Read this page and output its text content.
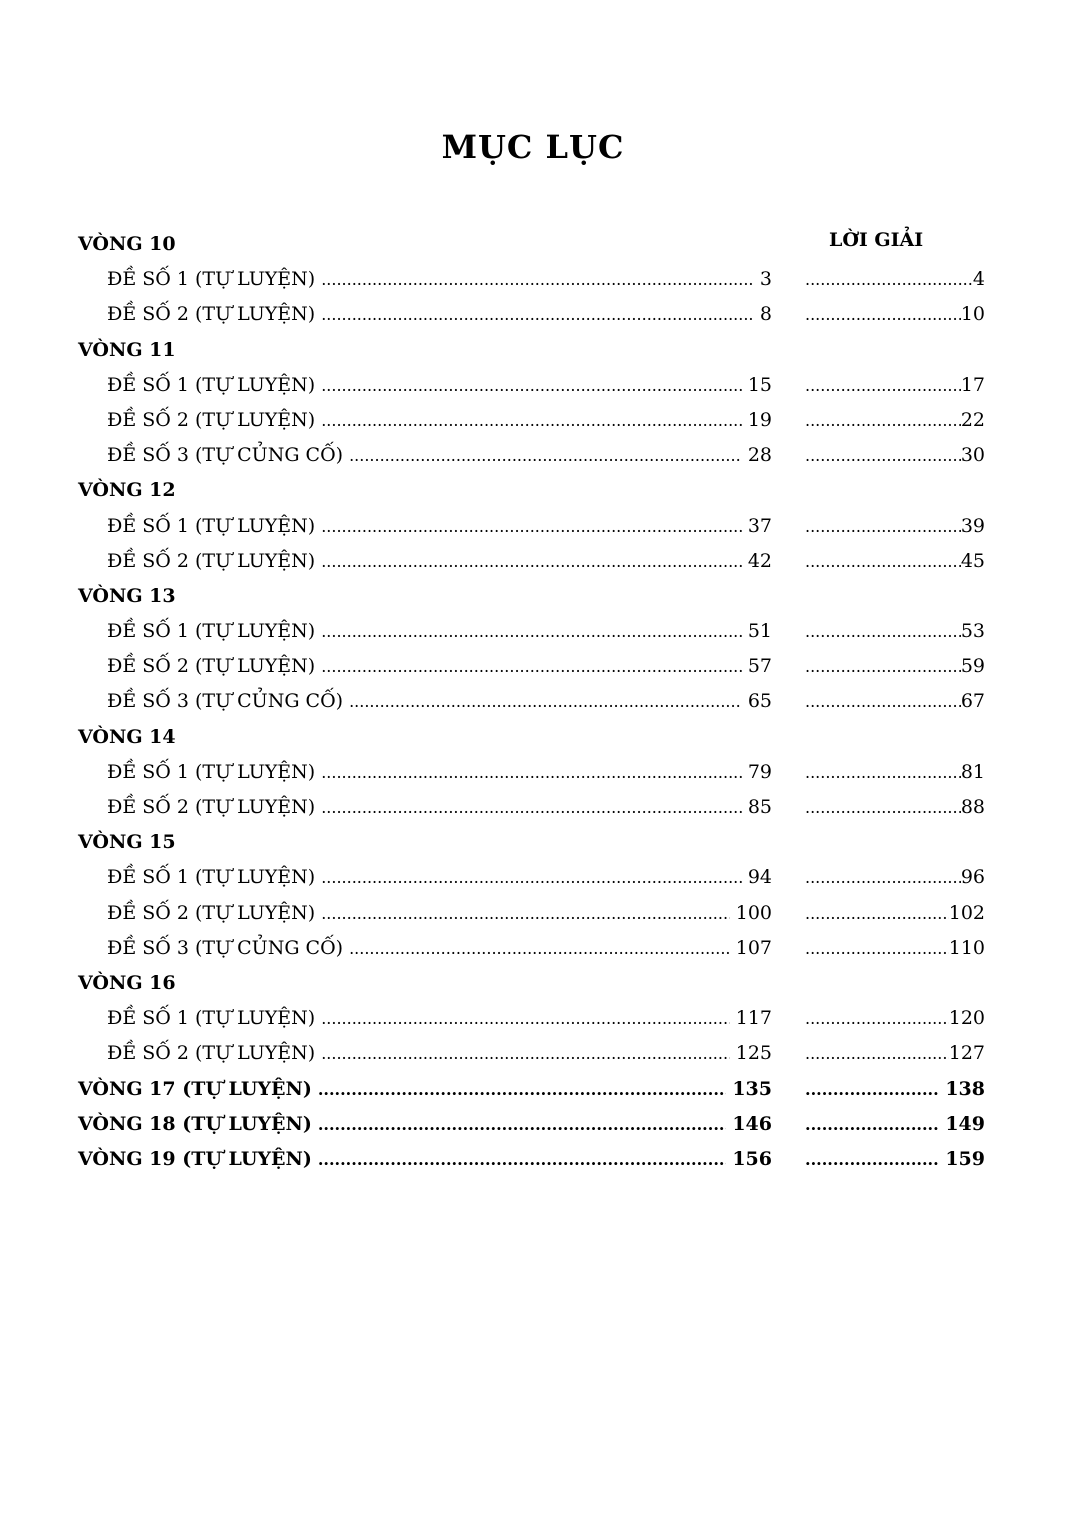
MỤC LỤC
LỜI GIẢI
VÒNG 10
ĐỀ SỐ 1 (TỰ LUYỆN) .....	3 .....	4
ĐỀ SỐ 2 (TỰ LUYỆN) .....	8 .....	10
VÒNG 11
ĐỀ SỐ 1 (TỰ LUYỆN) .....	15 .....	17
ĐỀ SỐ 2 (TỰ LUYỆN) .....	19 .....	22
ĐỀ SỐ 3 (TỰ CỦNG CỐ) .....	28 .....	30
VÒNG 12
ĐỀ SỐ 1 (TỰ LUYỆN) .....	37 .....	39
ĐỀ SỐ 2 (TỰ LUYỆN) .....	42 .....	45
VÒNG 13
ĐỀ SỐ 1 (TỰ LUYỆN) .....	51 .....	53
ĐỀ SỐ 2 (TỰ LUYỆN) .....	57 .....	59
ĐỀ SỐ 3 (TỰ CỦNG CỐ) .....	65 .....	67
VÒNG 14
ĐỀ SỐ 1 (TỰ LUYỆN) .....	79 .....	81
ĐỀ SỐ 2 (TỰ LUYỆN) .....	85 .....	88
VÒNG 15
ĐỀ SỐ 1 (TỰ LUYỆN) .....	94 .....	96
ĐỀ SỐ 2 (TỰ LUYỆN) .....	100 .....	102
ĐỀ SỐ 3 (TỰ CỦNG CỐ) .....	107 .....	110
VÒNG 16
ĐỀ SỐ 1 (TỰ LUYỆN) .....	117 .....	120
ĐỀ SỐ 2 (TỰ LUYỆN) .....	125 .....	127
VÒNG 17 (TỰ LUYỆN) .....	135 .....	138
VÒNG 18 (TỰ LUYỆN) .....	146 .....	149
VÒNG 19 (TỰ LUYỆN) .....	156 .....	159
